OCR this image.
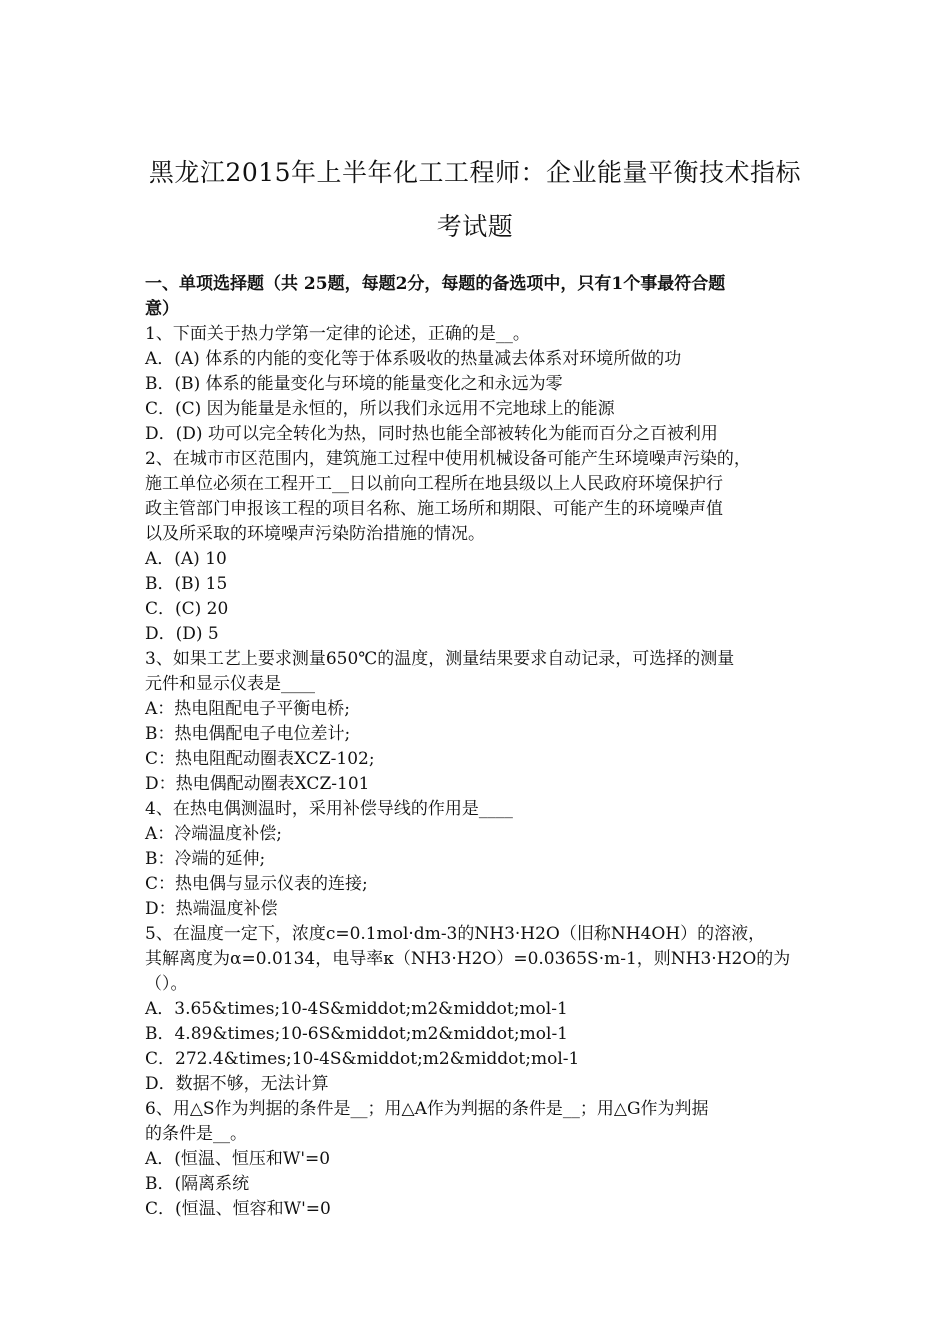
黑龙江2015年上半年化工工程师：企业能量平衡技术指标
考试题
一、单项选择题（共 25题，每题2分，每题的备选项中，只有1个事最符合题
意）
1、下面关于热力学第一定律的论述，正确的是__。
A．(A) 体系的内能的变化等于体系吸收的热量减去体系对环境所做的功
B．(B) 体系的能量变化与环境的能量变化之和永远为零
C．(C) 因为能量是永恒的，所以我们永远用不完地球上的能源
D．(D) 功可以完全转化为热，同时热也能全部被转化为能而百分之百被利用
2、在城市市区范围内，建筑施工过程中使用机械设备可能产生环境噪声污染的，
施工单位必须在工程开工__日以前向工程所在地县级以上人民政府环境保护行
政主管部门申报该工程的项目名称、施工场所和期限、可能产生的环境噪声值
以及所采取的环境噪声污染防治措施的情况。
A．(A) 10
B．(B) 15
C．(C) 20
D．(D) 5
3、如果工艺上要求测量650℃的温度，测量结果要求自动记录，可选择的测量
元件和显示仪表是____
A：热电阻配电子平衡电桥;
B：热电偶配电子电位差计;
C：热电阻配动圈表XCZ-102;
D：热电偶配动圈表XCZ-101
4、在热电偶测温时，采用补偿导线的作用是____
A：冷端温度补偿;
B：冷端的延伸;
C：热电偶与显示仪表的连接;
D：热端温度补偿
5、在温度一定下，浓度c=0.1mol·dm-3的NH3·H2O（旧称NH4OH）的溶液，
其解离度为α=0.0134，电导率κ（NH3·H2O）=0.0365S·m-1，则NH3·H2O的为
（）。
A．3.65&times;10-4S&middot;m2&middot;mol-1
B．4.89&times;10-6S&middot;m2&middot;mol-1
C．272.4&times;10-4S&middot;m2&middot;mol-1
D．数据不够，无法计算
6、用△S作为判据的条件是__；用△A作为判据的条件是__；用△G作为判据
的条件是__。
A．(恒温、恒压和W'=0
B．(隔离系统
C．(恒温、恒容和W'=0
